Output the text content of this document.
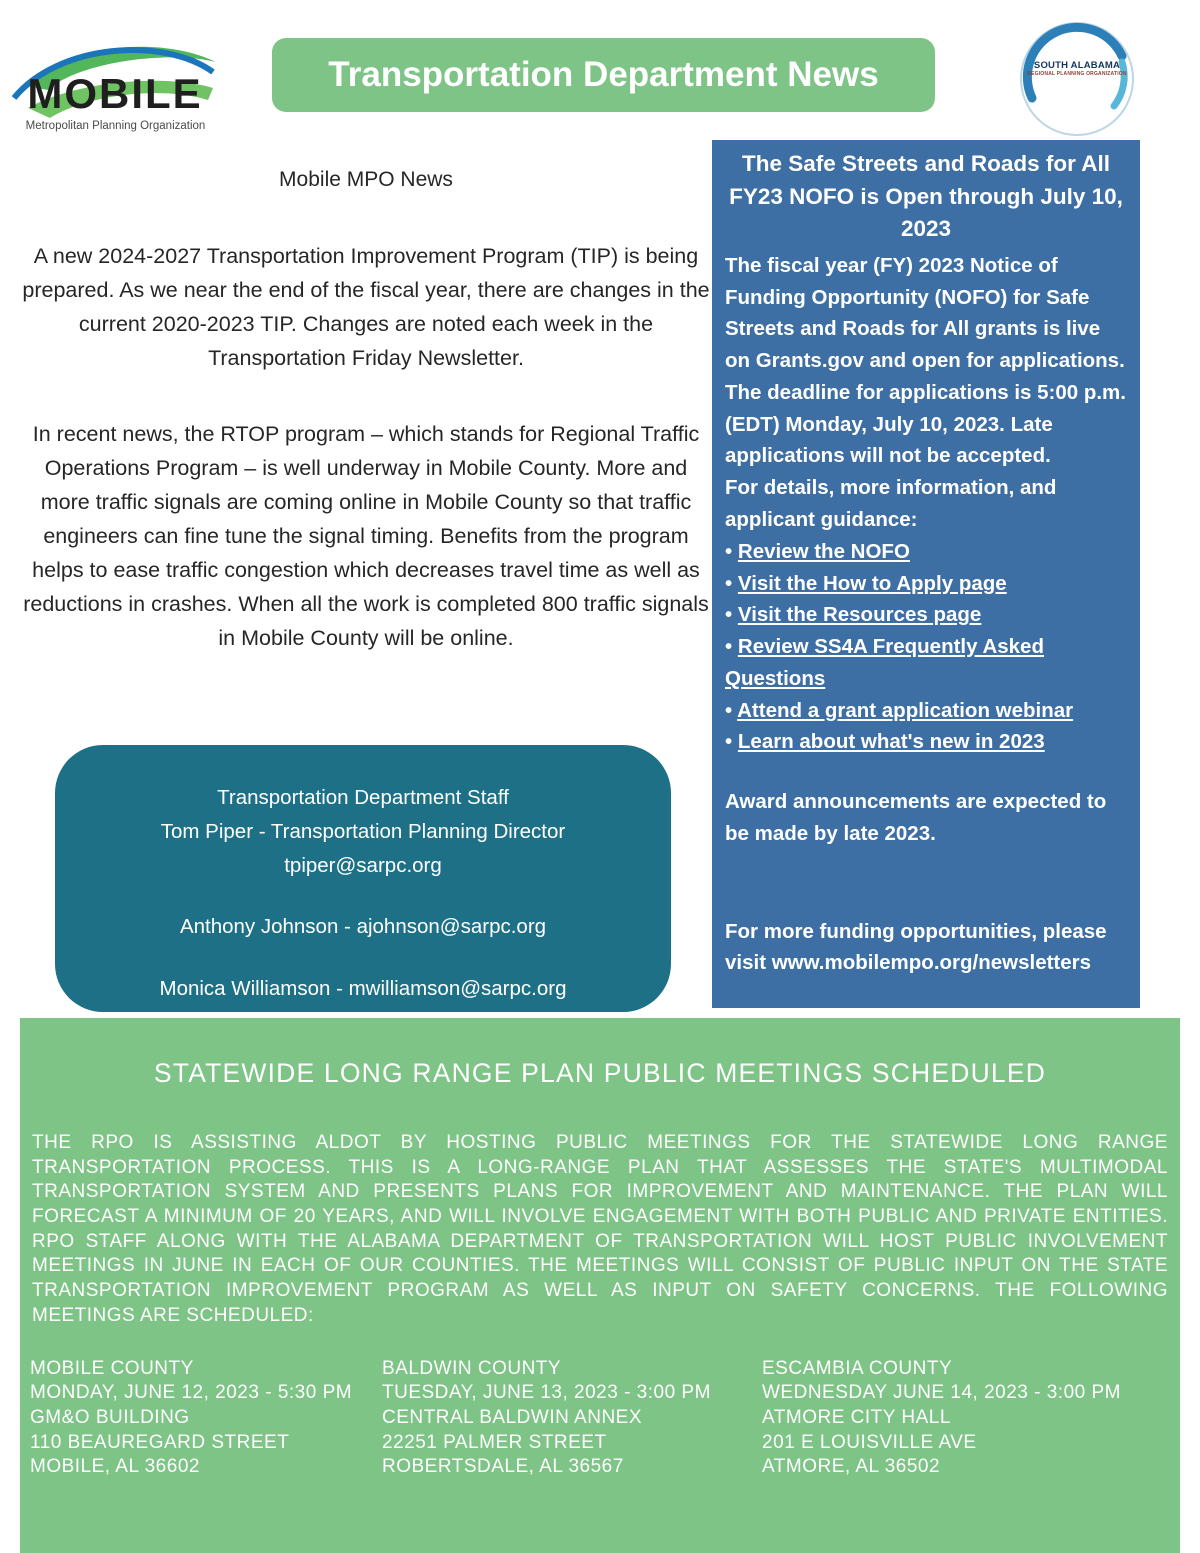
MOBILE
Metropolitan Planning Organization
Transportation Department News	SOUTH ALABAMA
REGIONAL PLANNING ORGANIZATION
Mobile MPO News
A new 2024-2027 Transportation Improvement Program (TIP) is being prepared. As we near the end of the fiscal year, there are changes in the current 2020-2023 TIP. Changes are noted each week in the Transportation Friday Newsletter.
In recent news, the RTOP program – which stands for Regional Traffic Operations Program – is well underway in Mobile County. More and more traffic signals are coming online in Mobile County so that traffic engineers can fine tune the signal timing. Benefits from the program helps to ease traffic congestion which decreases travel time as well as reductions in crashes. When all the work is completed 800 traffic signals in Mobile County will be online.
Transportation Department Staff
Tom Piper - Transportation Planning Director
tpiper@sarpc.org
Anthony Johnson - ajohnson@sarpc.org
Monica Williamson - mwilliamson@sarpc.org
The Safe Streets and Roads for All FY23 NOFO is Open through July 10, 2023
The fiscal year (FY) 2023 Notice of Funding Opportunity (NOFO) for Safe Streets and Roads for All grants is live on Grants.gov and open for applications. The deadline for applications is 5:00 p.m. (EDT) Monday, July 10, 2023. Late applications will not be accepted.
For details, more information, and applicant guidance:
• Review the NOFO
• Visit the How to Apply page
• Visit the Resources page
• Review SS4A Frequently Asked Questions
• Attend a grant application webinar
• Learn about what's new in 2023
Award announcements are expected to be made by late 2023.
For more funding opportunities, please visit www.mobilempo.org/newsletters
STATEWIDE LONG RANGE PLAN PUBLIC MEETINGS SCHEDULED
THE RPO IS ASSISTING ALDOT BY HOSTING PUBLIC MEETINGS FOR THE STATEWIDE LONG RANGE TRANSPORTATION PROCESS. THIS IS A LONG-RANGE PLAN THAT ASSESSES THE STATE'S MULTIMODAL TRANSPORTATION SYSTEM AND PRESENTS PLANS FOR IMPROVEMENT AND MAINTENANCE. THE PLAN WILL FORECAST A MINIMUM OF 20 YEARS, AND WILL INVOLVE ENGAGEMENT WITH BOTH PUBLIC AND PRIVATE ENTITIES. RPO STAFF ALONG WITH THE ALABAMA DEPARTMENT OF TRANSPORTATION WILL HOST PUBLIC INVOLVEMENT MEETINGS IN JUNE IN EACH OF OUR COUNTIES. THE MEETINGS WILL CONSIST OF PUBLIC INPUT ON THE STATE TRANSPORTATION IMPROVEMENT PROGRAM AS WELL AS INPUT ON SAFETY CONCERNS. THE FOLLOWING MEETINGS ARE SCHEDULED:
MOBILE COUNTY
MONDAY, JUNE 12, 2023 - 5:30 PM
GM&O BUILDING
110 BEAUREGARD STREET
MOBILE, AL 36602
BALDWIN COUNTY
TUESDAY, JUNE 13, 2023 - 3:00 PM
CENTRAL BALDWIN ANNEX
22251 PALMER STREET
ROBERTSDALE, AL 36567
ESCAMBIA COUNTY
WEDNESDAY JUNE 14, 2023 - 3:00 PM
ATMORE CITY HALL
201 E LOUISVILLE AVE
ATMORE, AL 36502
